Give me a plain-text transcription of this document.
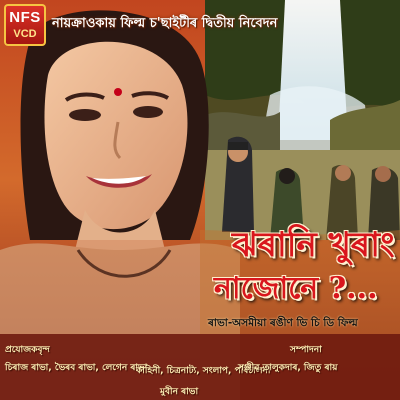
NFS
VCD
নায়ক্ৰাওকায় ফিল্ম চ'ছাইটীৰ দ্বিতীয় নিবেদন
ঝৰানি খুৰাং
নাজোনে ?...
ৰাভা-অসমীয়া ৰঙীণ ভি চি ডি ফিল্ম
প্ৰযোজকবৃন্দ
চিৰাজ ৰাভা, ভৈৰব ৰাভা, লেগেন ৰাভা
কাহিনী, চিত্ৰনাট্য, সংলাপ, পৰিচালনা
মুবীন ৰাভা
সম্পাদনা
সঞ্জীৱ তালুকদাৰ, জিতু ৰায়
